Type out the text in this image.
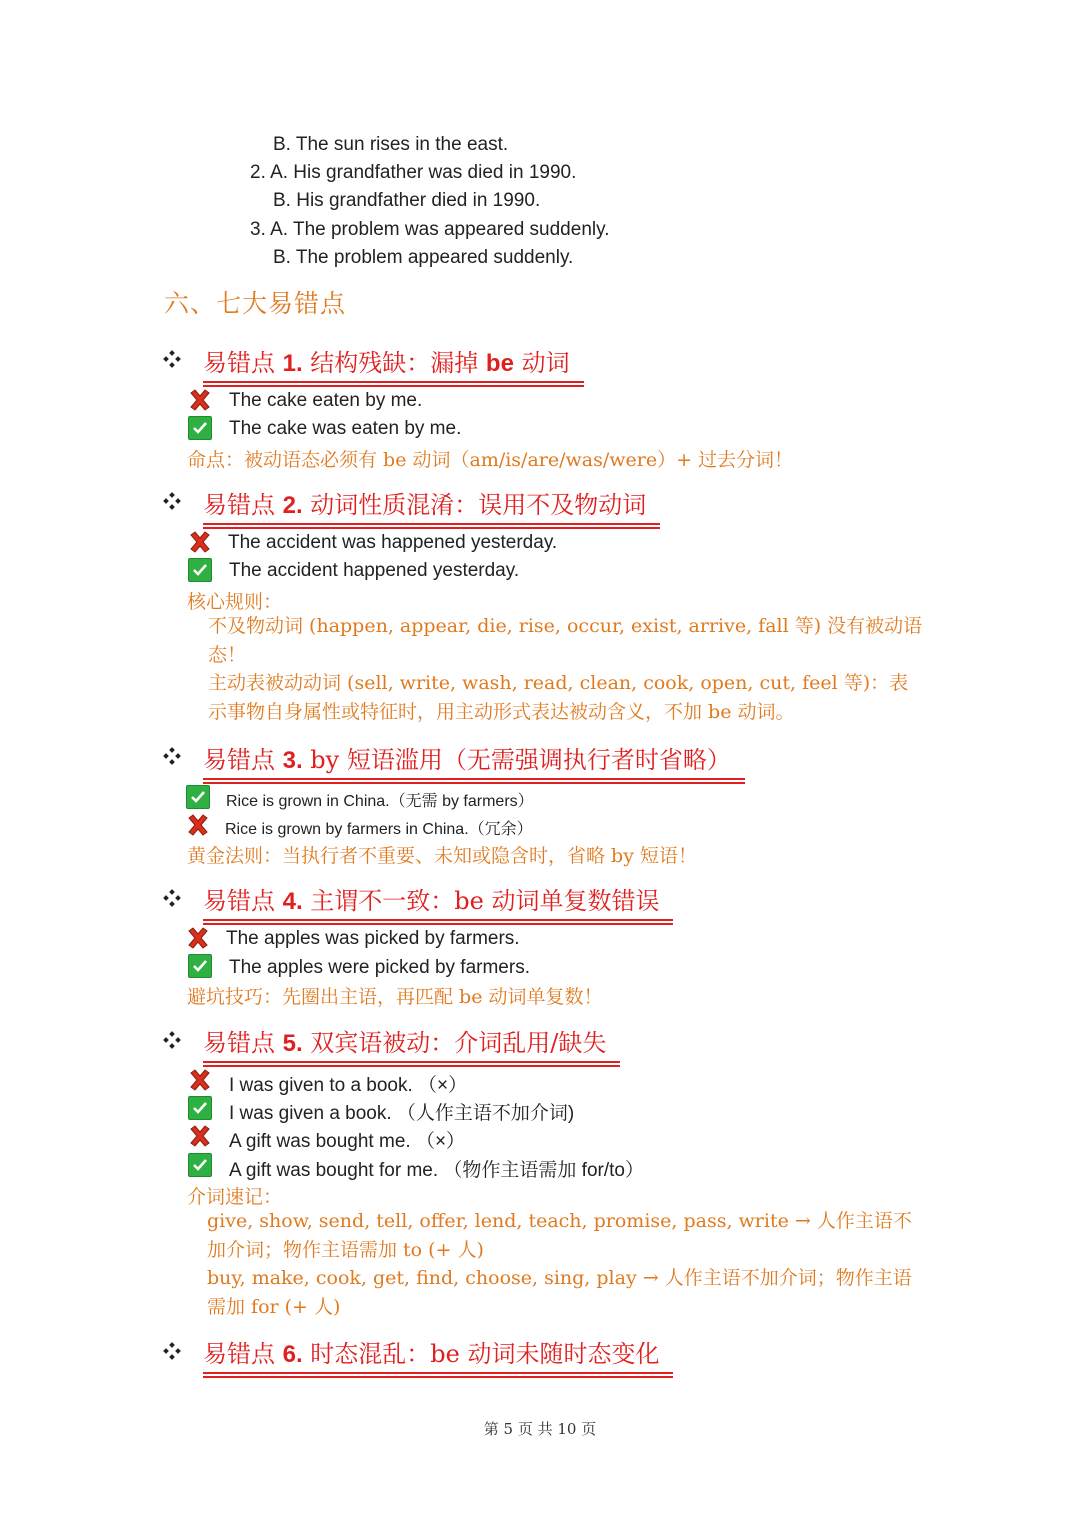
B. The sun rises in the east.
2. A. His grandfather was died in 1990.
B. His grandfather died in 1990.
3. A. The problem was appeared suddenly.
B. The problem appeared suddenly.
六、七大易错点
易错点 1. 结构残缺：漏掉 be 动词
The cake eaten by me.
The cake was eaten by me.
命点：被动语态必须有 be 动词（am/is/are/was/were）+ 过去分词！
易错点 2. 动词性质混淆：误用不及物动词
The accident was happened yesterday.
The accident happened yesterday.
核心规则：
不及物动词 (happen, appear, die, rise, occur, exist, arrive, fall 等) 没有被动语态！
主动表被动动词 (sell, write, wash, read, clean, cook, open, cut, feel 等)：表示事物自身属性或特征时，用主动形式表达被动含义，不加 be 动词。
易错点 3. by 短语滥用（无需强调执行者时省略）
Rice is grown in China.（无需 by farmers）
Rice is grown by farmers in China.（冗余）
黄金法则：当执行者不重要、未知或隐含时，省略 by 短语！
易错点 4. 主谓不一致：be 动词单复数错误
The apples was picked by farmers.
The apples were picked by farmers.
避坑技巧：先圈出主语，再匹配 be 动词单复数！
易错点 5. 双宾语被动：介词乱用/缺失
I was given to a book. （×）
I was given a book. （人作主语不加介词)
A gift was bought me. （×）
A gift was bought for me. （物作主语需加 for/to）
介词速记：
give, show, send, tell, offer, lend, teach, promise, pass, write → 人作主语不加介词；物作主语需加 to (+ 人)
buy, make, cook, get, find, choose, sing, play → 人作主语不加介词；物作主语需加 for (+ 人)
易错点 6. 时态混乱：be 动词未随时态变化
第 5 页 共 10 页
